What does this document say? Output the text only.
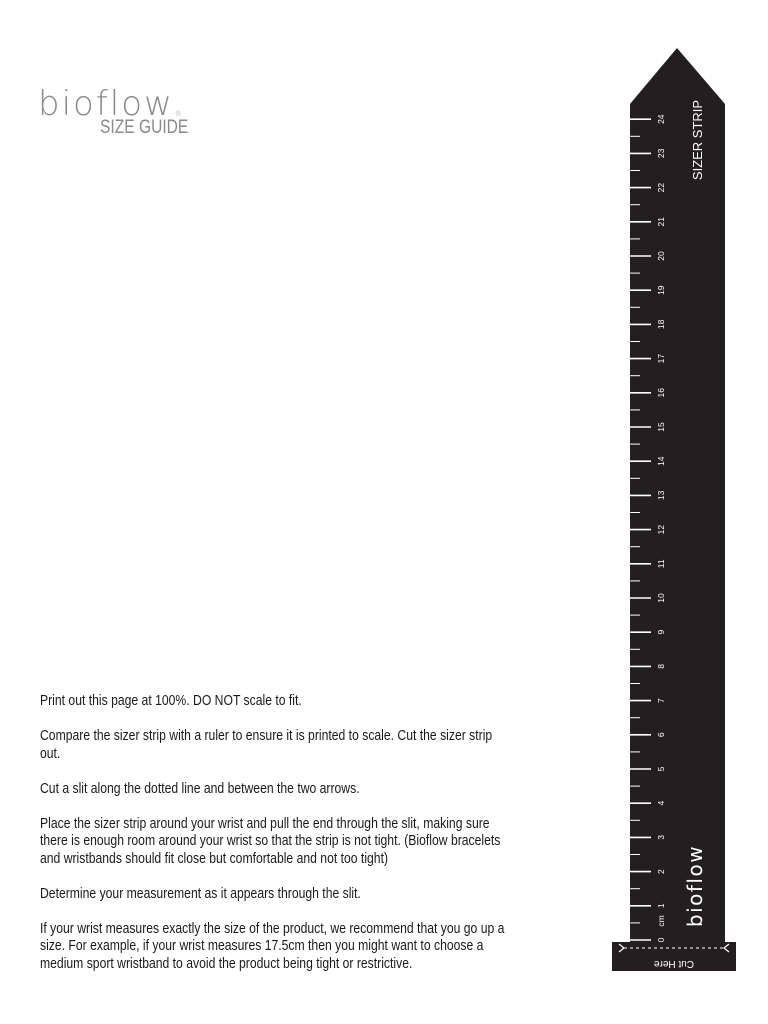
bioflow®
SIZE GUIDE

Print out this page at 100%. DO NOT scale to fit.

Compare the sizer strip with a ruler to ensure it is printed to scale. Cut the sizer strip out.

Cut a slit along the dotted line and between the two arrows.

Place the sizer strip around your wrist and pull the end through the slit, making sure there is enough room around your wrist so that the strip is not tight. (Bioflow bracelets and wristbands should fit close but comfortable and not too tight)

Determine your measurement as it appears through the slit.

If your wrist measures exactly the size of the product, we recommend that you go up a size. For example, if your wrist measures 17.5cm then you might want to choose a medium sport wristband to avoid the product being tight or restrictive.	Cut Here
SIZER STRIP
bioflow
0
1
2
3
4
5
6
7
8
9
10
11
12
13
14
15
16
17
18
19
20
21
22
23
24
cm
